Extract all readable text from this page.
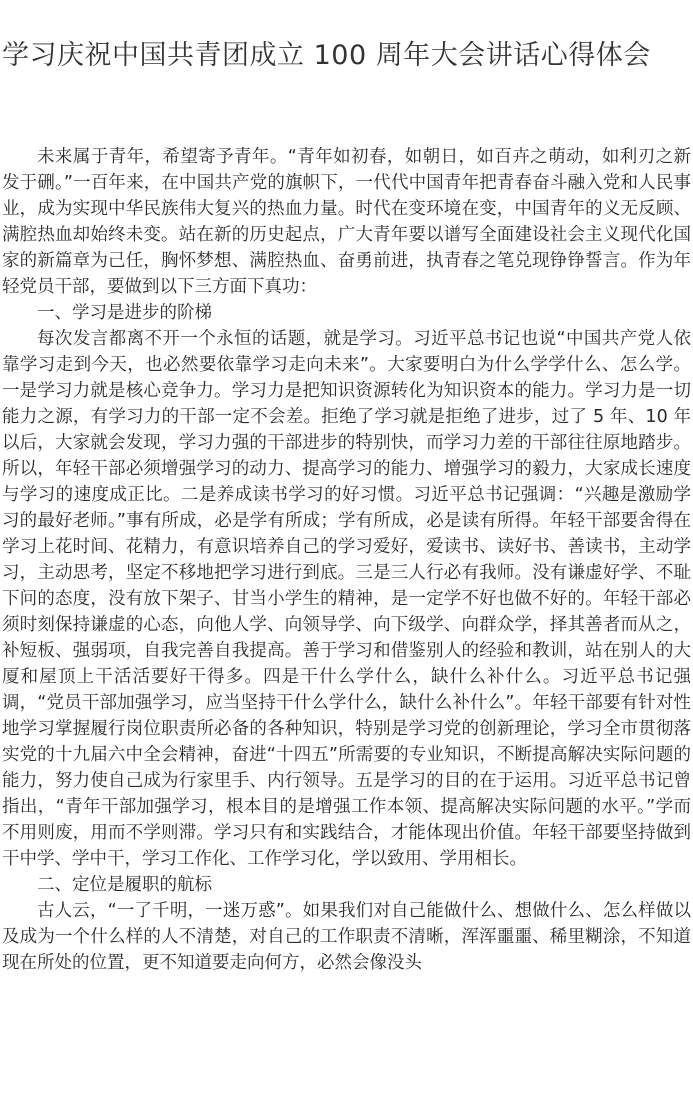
学习庆祝中国共青团成立 100 周年大会讲话心得体会

未来属于青年，希望寄予青年。“青年如初春，如朝日，如百卉之萌动，如利刃之新发于硎。”一百年来，在中国共产党的旗帜下，一代代中国青年把青春奋斗融入党和人民事业，成为实现中华民族伟大复兴的热血力量。时代在变环境在变，中国青年的义无反顾、满腔热血却始终未变。站在新的历史起点，广大青年要以谱写全面建设社会主义现代化国家的新篇章为己任，胸怀梦想、满腔热血、奋勇前进，执青春之笔兑现铮铮誓言。作为年轻党员干部，要做到以下三方面下真功：

一、学习是进步的阶梯

每次发言都离不开一个永恒的话题，就是学习。习近平总书记也说“中国共产党人依靠学习走到今天，也必然要依靠学习走向未来”。大家要明白为什么学学什么、怎么学。一是学习力就是核心竞争力。学习力是把知识资源转化为知识资本的能力。学习力是一切能力之源，有学习力的干部一定不会差。拒绝了学习就是拒绝了进步，过了 5 年、10 年以后，大家就会发现，学习力强的干部进步的特别快，而学习力差的干部往往原地踏步。所以，年轻干部必须增强学习的动力、提高学习的能力、增强学习的毅力，大家成长速度与学习的速度成正比。二是养成读书学习的好习惯。习近平总书记强调：“兴趣是激励学习的最好老师。”事有所成，必是学有所成；学有所成，必是读有所得。年轻干部要舍得在学习上花时间、花精力，有意识培养自己的学习爱好，爱读书、读好书、善读书，主动学习，主动思考，坚定不移地把学习进行到底。三是三人行必有我师。没有谦虚好学、不耻下问的态度，没有放下架子、甘当小学生的精神，是一定学不好也做不好的。年轻干部必须时刻保持谦虚的心态，向他人学、向领导学、向下级学、向群众学，择其善者而从之，补短板、强弱项，自我完善自我提高。善于学习和借鉴别人的经验和教训，站在别人的大厦和屋顶上干活活要好干得多。四是干什么学什么，缺什么补什么。习近平总书记强调，“党员干部加强学习，应当坚持干什么学什么，缺什么补什么”。年轻干部要有针对性地学习掌握履行岗位职责所必备的各种知识，特别是学习党的创新理论，学习全市贯彻落实党的十九届六中全会精神，奋进“十四五”所需要的专业知识，不断提高解决实际问题的能力，努力使自己成为行家里手、内行领导。五是学习的目的在于运用。习近平总书记曾指出，“青年干部加强学习，根本目的是增强工作本领、提高解决实际问题的水平。”学而不用则废，用而不学则滞。学习只有和实践结合，才能体现出价值。年轻干部要坚持做到干中学、学中干，学习工作化、工作学习化，学以致用、学用相长。

二、定位是履职的航标

古人云，“一了千明，一迷万惑”。如果我们对自己能做什么、想做什么、怎么样做以及成为一个什么样的人不清楚，对自己的工作职责不清晰，浑浑噩噩、稀里糊涂，不知道现在所处的位置，更不知道要走向何方，必然会像没头
